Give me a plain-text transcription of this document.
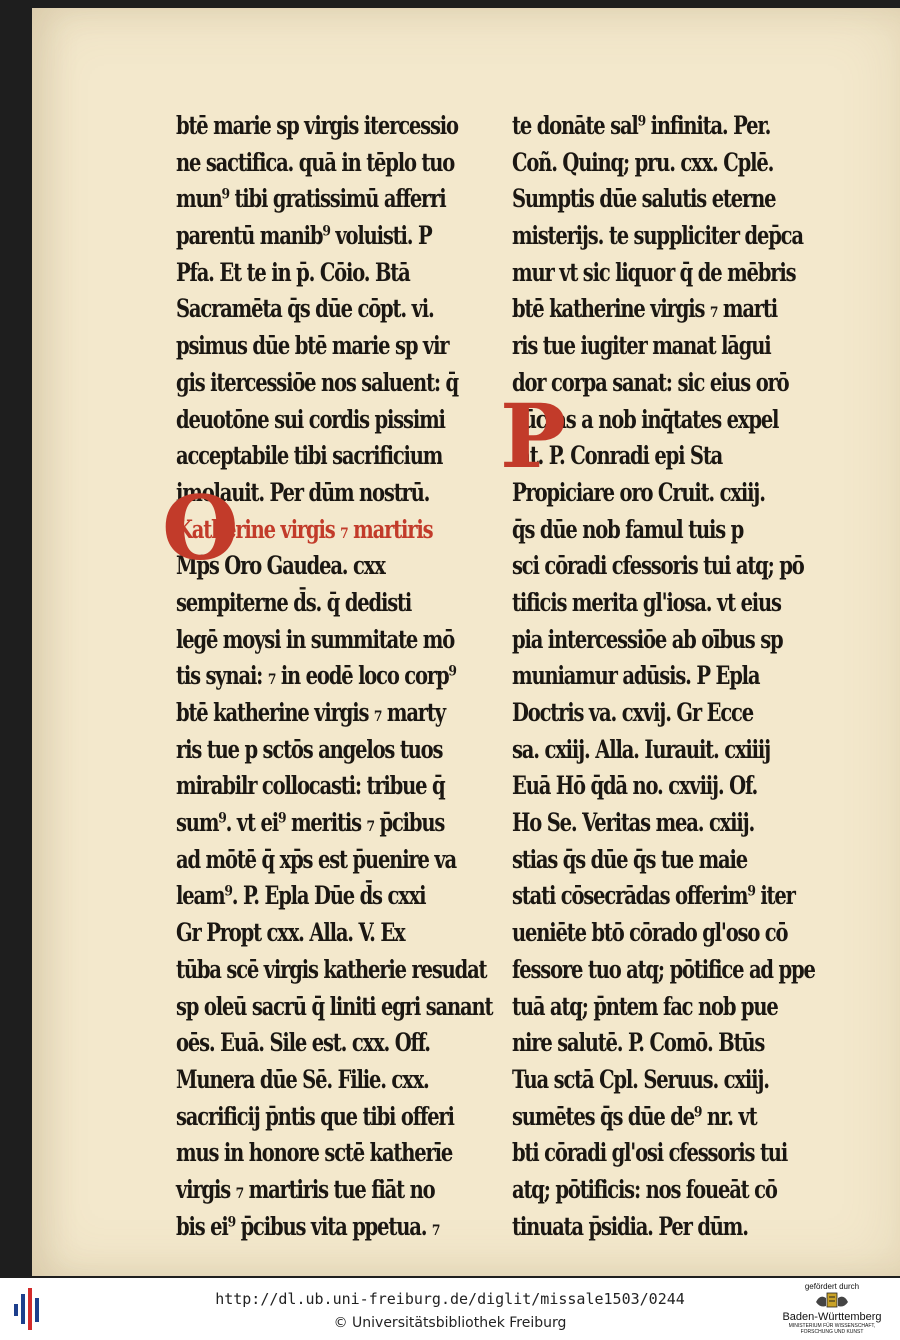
btē marie sp virgis itercessio
ne sactifica. quā in tēplo tuo
mun⁹ tibi gratissimū afferri
parentū manib⁹ voluisti. P
Pfa. Et te in p̄. Cōio. Btā
Sacramēta q̄s dūe cōpt. vi.
psimus dūe btē marie sp vir
gis itercessiōe nos saluent: q̄
deuotōne sui cordis pissimi
acceptabile tibi sacrificium
imolauit. Per dūm nostrū.
Katherine virgis ₇ martiris
Mp̄s Oro Gaudea. cxx
sempiterne d̄s. q̄ dedisti
legē moysi in summitate mō
tis synai: ₇ in eodē loco corp⁹
btē katherine virgis ₇ marty
ris tue p sctōs angelos tuos
mirabilr collocasti: tribue q̄
sum⁹. vt ei⁹ meritis ₇ p̄cibus
ad mōtē q̄ xp̄s est p̄uenire va
leam⁹. P. Epla Dūe d̄s cxxi
Gr Propt cxx. Alla. V. Ex
tūba scē virgis katherie resudat
sp oleū sacrū q̄ liniti egri sanant
oēs. Euā. Sile est. cxx. Off.
Munera dūe Sē. Filie. cxx.
sacrificij p̄ntis que tibi offeri
mus in honore sctē katherīe
virgis ₇ martiris tue fiāt no
bis ei⁹ p̄cibus vita ppetua. ₇
te donāte sal⁹ infinita. Per.
Coñ. Quinq; pru. cxx. Cplē.
Sumptis dūe salutis eterne
misterijs. te suppliciter dep̄ca
mur vt sic liquor q̄ de mēbris
btē katherine virgis ₇ marti
ris tue iugiter manat lāgui
dor corpa sanat: sic eius orō
cūctas a nob inq̄tates expel
lat. P. Conradi epi Sta
Propiciare oro Cruit. cxiij.
q̄s dūe nob famul tuis p
sci cōradi cfessoris tui atq; pō
tificis merita gl'iosa. vt eius
pia intercessiōe ab oībus sp
muniamur adūsis. P Epla
Doctris va. cxvij. Gr Ecce
sa. cxiij. Alla. Iurauit. cxiiij
Euā Hō q̄dā no. cxviij. Of.
Ho Se. Veritas mea. cxiij.
stias q̄s dūe q̄s tue maie
stati cōsecrādas offerim⁹ iter
ueniēte btō cōrado gl'oso cō
fessore tuo atq; pōtifice ad ppe
tuā atq; p̄ntem fac nob pue
nire salutē. P. Comō. Btūs
Tua sctā Cpl. Seruus. cxiij.
sumētes q̄s dūe de⁹ nr. vt
bti cōradi gl'osi cfessoris tui
atq; pōtificis: nos foueāt cō
tinuata p̄sidia. Per dūm.
O
P
http://dl.ub.uni-freiburg.de/diglit/missale1503/0244
© Universitätsbibliothek Freiburg
gefördert durch
Baden-Württemberg
MINISTERIUM FÜR WISSENSCHAFT, FORSCHUNG UND KUNST
